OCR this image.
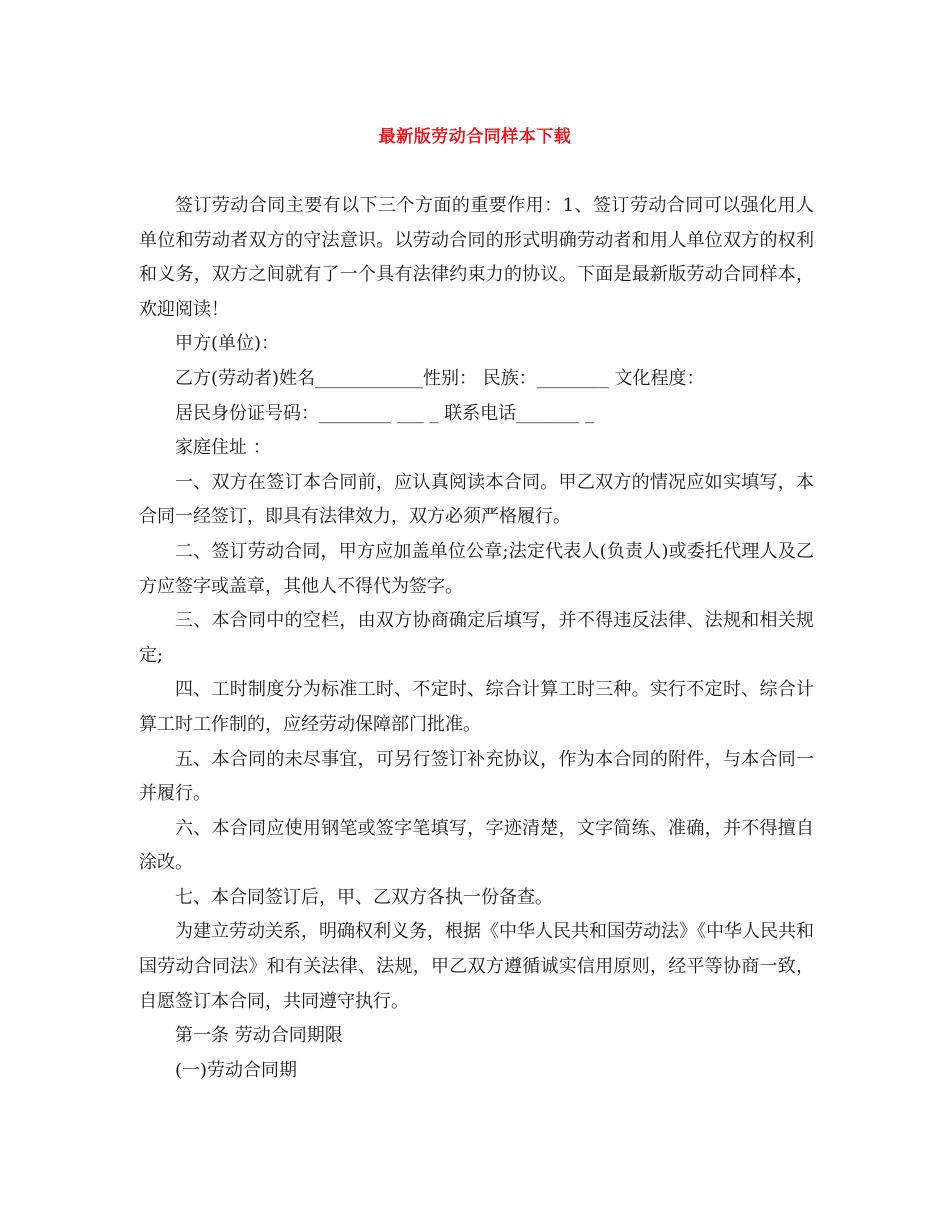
最新版劳动合同样本下载

签订劳动合同主要有以下三个方面的重要作用：1、签订劳动合同可以强化用人单位和劳动者双方的守法意识。以劳动合同的形式明确劳动者和用人单位双方的权利和义务，双方之间就有了一个具有法律约束力的协议。下面是最新版劳动合同样本，欢迎阅读！

甲方(单位)：

乙方(劳动者)姓名____________性别： 民族：________ 文化程度：

居民身份证号码：________ ___ _ 联系电话_______ _

家庭住址 ：

一、双方在签订本合同前，应认真阅读本合同。甲乙双方的情况应如实填写，本合同一经签订，即具有法律效力，双方必须严格履行。

二、签订劳动合同，甲方应加盖单位公章;法定代表人(负责人)或委托代理人及乙方应签字或盖章，其他人不得代为签字。

三、本合同中的空栏，由双方协商确定后填写，并不得违反法律、法规和相关规定;

四、工时制度分为标准工时、不定时、综合计算工时三种。实行不定时、综合计算工时工作制的，应经劳动保障部门批准。

五、本合同的未尽事宜，可另行签订补充协议，作为本合同的附件，与本合同一并履行。

六、本合同应使用钢笔或签字笔填写，字迹清楚，文字简练、准确，并不得擅自涂改。

七、本合同签订后，甲、乙双方各执一份备查。

为建立劳动关系，明确权利义务，根据《中华人民共和国劳动法》《中华人民共和国劳动合同法》和有关法律、法规，甲乙双方遵循诚实信用原则，经平等协商一致，自愿签订本合同，共同遵守执行。

第一条 劳动合同期限

(一)劳动合同期
